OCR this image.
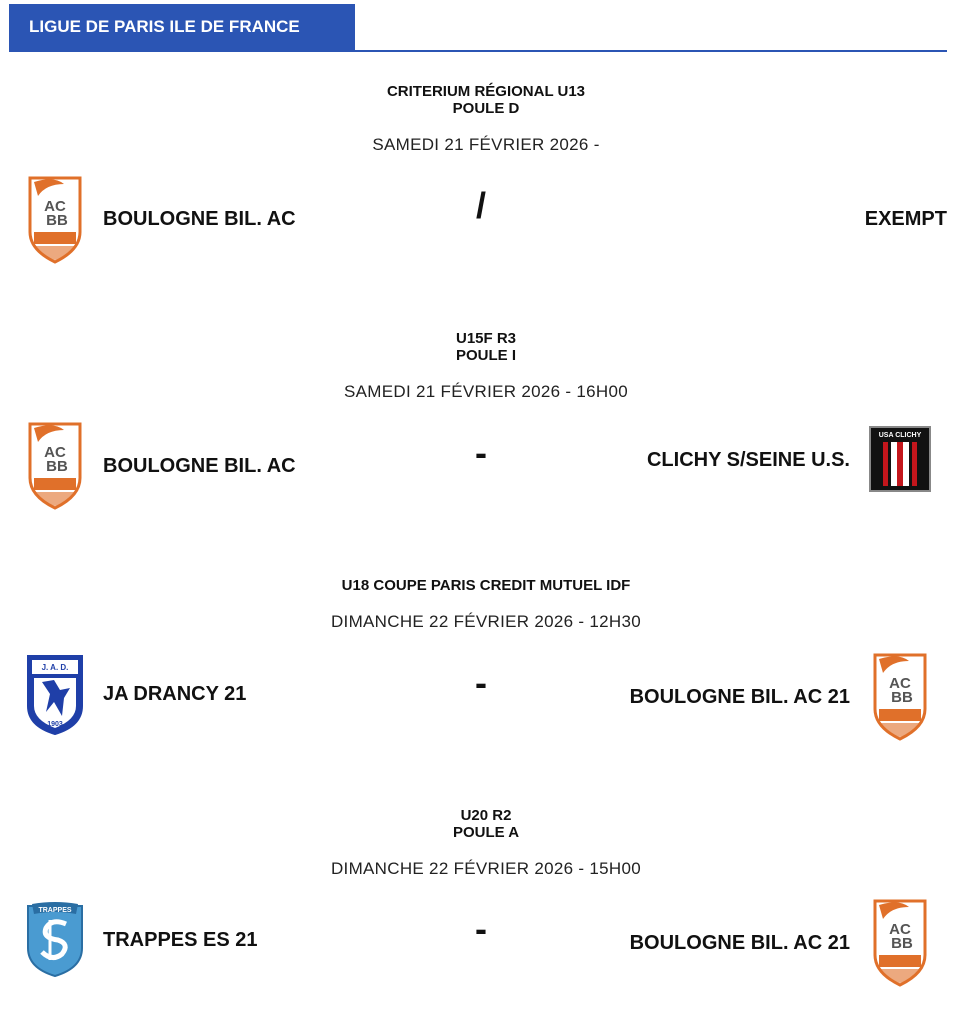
LIGUE DE PARIS ILE DE FRANCE
CRITERIUM RÉGIONAL U13
POULE D
SAMEDI 21 FÉVRIER 2026 -
AC
BB BOULOGNE BIL. AC	/	EXEMPT
U15F R3
POULE I
SAMEDI 21 FÉVRIER 2026 - 16H00
AC
BB BOULOGNE BIL. AC	-	CLICHY S/SEINE U.S.
USA CLICHY
U18 COUPE PARIS CREDIT MUTUEL IDF
DIMANCHE 22 FÉVRIER 2026 - 12H30
J. A. D.
1903
JA DRANCY 21	-	BOULOGNE BIL. AC 21
AC
BB
U20 R2
POULE A
DIMANCHE 22 FÉVRIER 2026 - 15H00
TRAPPES
TRAPPES ES 21	-	BOULOGNE BIL. AC 21
AC
BB
